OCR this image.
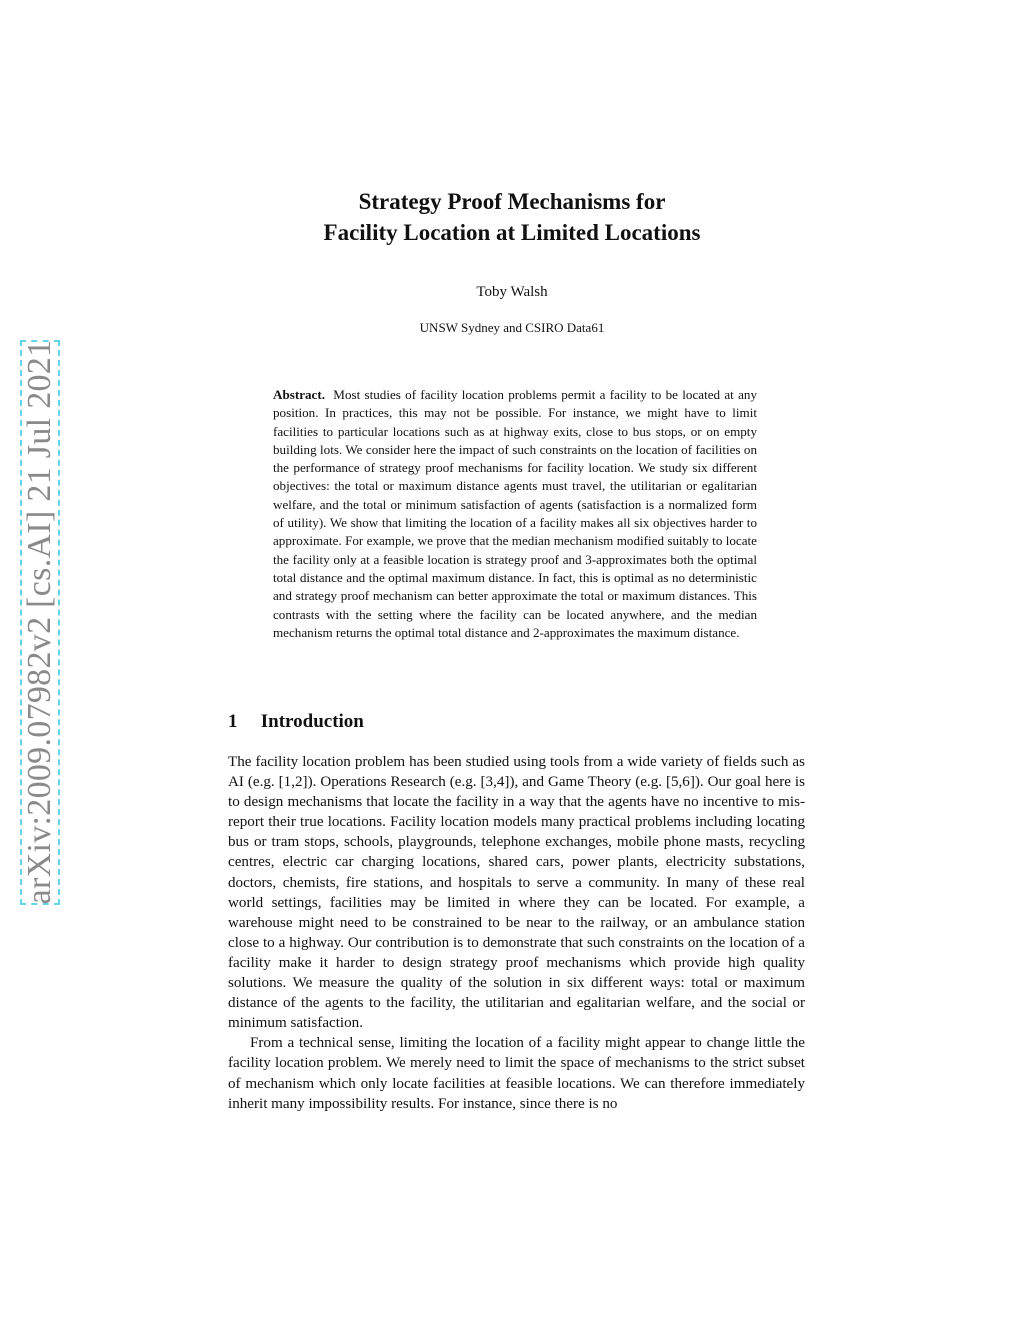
arXiv:2009.07982v2 [cs.AI] 21 Jul 2021
Strategy Proof Mechanisms for
Facility Location at Limited Locations
Toby Walsh
UNSW Sydney and CSIRO Data61
Abstract. Most studies of facility location problems permit a facility to be located at any position. In practices, this may not be possible. For instance, we might have to limit facilities to particular locations such as at highway exits, close to bus stops, or on empty building lots. We consider here the impact of such constraints on the location of facilities on the performance of strategy proof mechanisms for facility location. We study six different objectives: the total or maximum distance agents must travel, the utilitarian or egalitarian welfare, and the total or minimum satisfaction of agents (satisfaction is a normalized form of utility). We show that limiting the location of a facility makes all six objectives harder to approximate. For example, we prove that the median mechanism modified suitably to locate the facility only at a feasible location is strategy proof and 3-approximates both the optimal total distance and the optimal maximum distance. In fact, this is optimal as no deterministic and strategy proof mechanism can better approximate the total or maximum distances. This contrasts with the setting where the facility can be located anywhere, and the median mechanism returns the optimal total distance and 2-approximates the maximum distance.
1 Introduction

The facility location problem has been studied using tools from a wide variety of fields such as AI (e.g. [1,2]). Operations Research (e.g. [3,4]), and Game Theory (e.g. [5,6]). Our goal here is to design mechanisms that locate the facility in a way that the agents have no incentive to mis-report their true locations. Facility location models many practical problems including locating bus or tram stops, schools, playgrounds, telephone exchanges, mobile phone masts, recycling centres, electric car charging locations, shared cars, power plants, electricity substations, doctors, chemists, fire stations, and hospitals to serve a community. In many of these real world settings, facilities may be limited in where they can be located. For example, a warehouse might need to be constrained to be near to the railway, or an ambulance station close to a highway. Our contribution is to demonstrate that such constraints on the location of a facility make it harder to design strategy proof mechanisms which provide high quality solutions. We measure the quality of the solution in six different ways: total or maximum distance of the agents to the facility, the utilitarian and egalitarian welfare, and the social or minimum satisfaction.

From a technical sense, limiting the location of a facility might appear to change little the facility location problem. We merely need to limit the space of mechanisms to the strict subset of mechanism which only locate facilities at feasible locations. We can therefore immediately inherit many impossibility results. For instance, since there is no
